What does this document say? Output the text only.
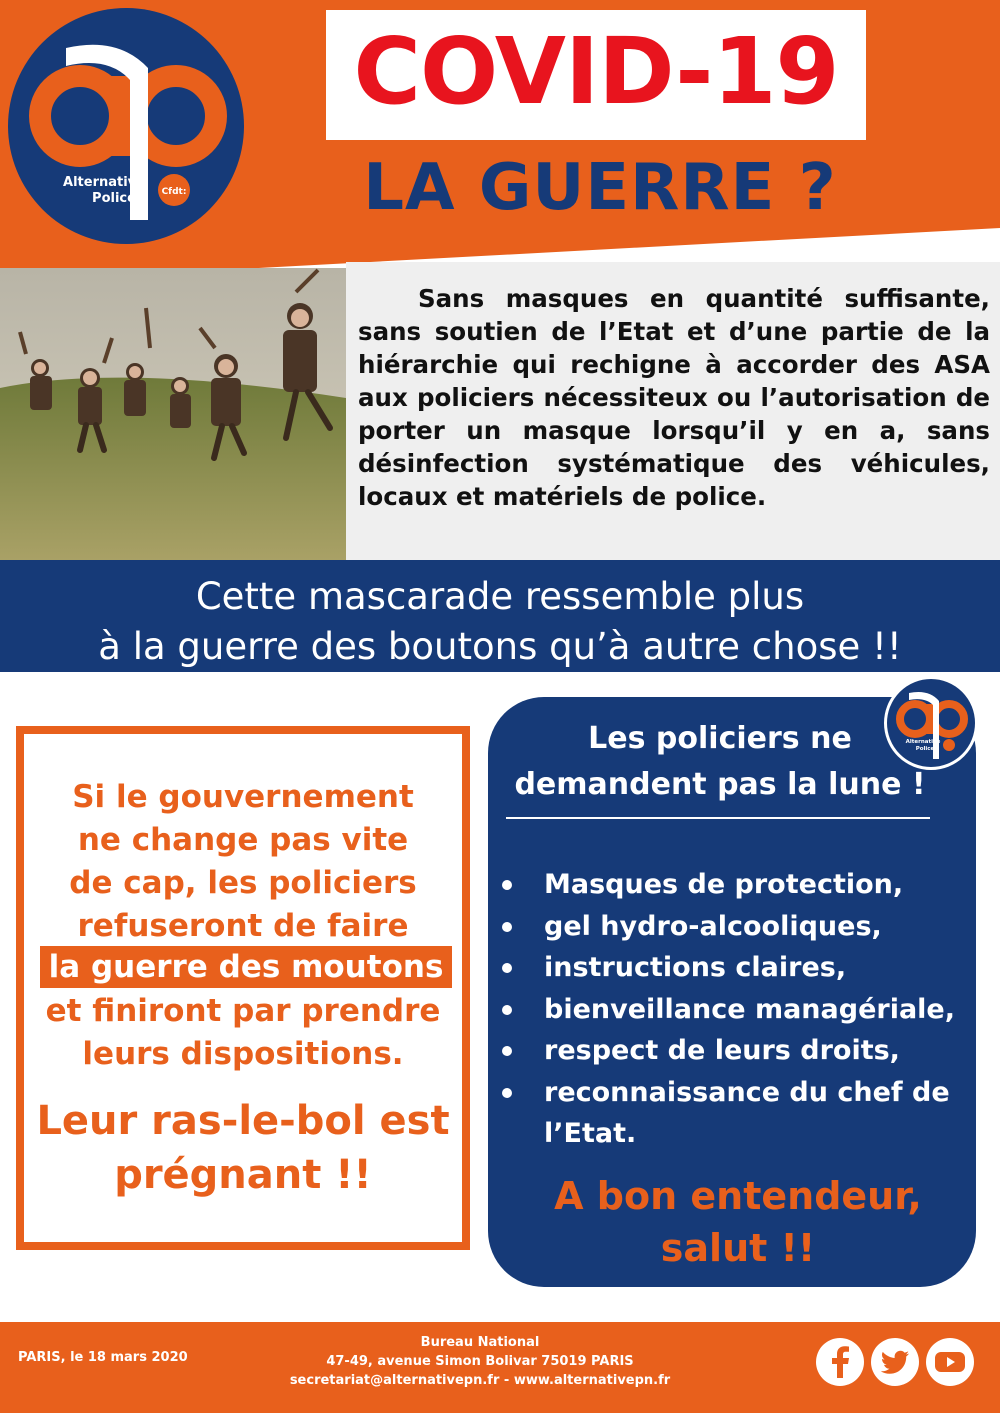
Alternative
Police	Cfdt:
COVID-19
LA GUERRE ?

Sans masques en quantité suffisante, sans soutien de l’Etat et d’une partie de la hiérarchie qui rechigne à accorder des ASA aux policiers nécessiteux ou l’autorisation de porter un masque lorsqu’il y en a, sans désinfection systématique des véhicules, locaux et matériels de police.

Cette mascarade ressemble plus
à la guerre des boutons qu’à autre chose !!
Si le gouvernement
ne change pas vite
de cap, les policiers
refuseront de faire
la guerre des moutons
et finiront par prendre
leurs dispositions.
Leur ras-le-bol est
prégnant !!
Alternative
Police
Les policiers ne
demandent pas la lune !
Masques de protection,
gel hydro-alcooliques,
instructions claires,
bienveillance managériale,
respect de leurs droits,
reconnaissance du chef de l’Etat.
A bon entendeur,
salut !!
PARIS, le 18 mars 2020
Bureau National
47-49, avenue Simon Bolivar 75019 PARIS
secretariat@alternativepn.fr - www.alternativepn.fr
